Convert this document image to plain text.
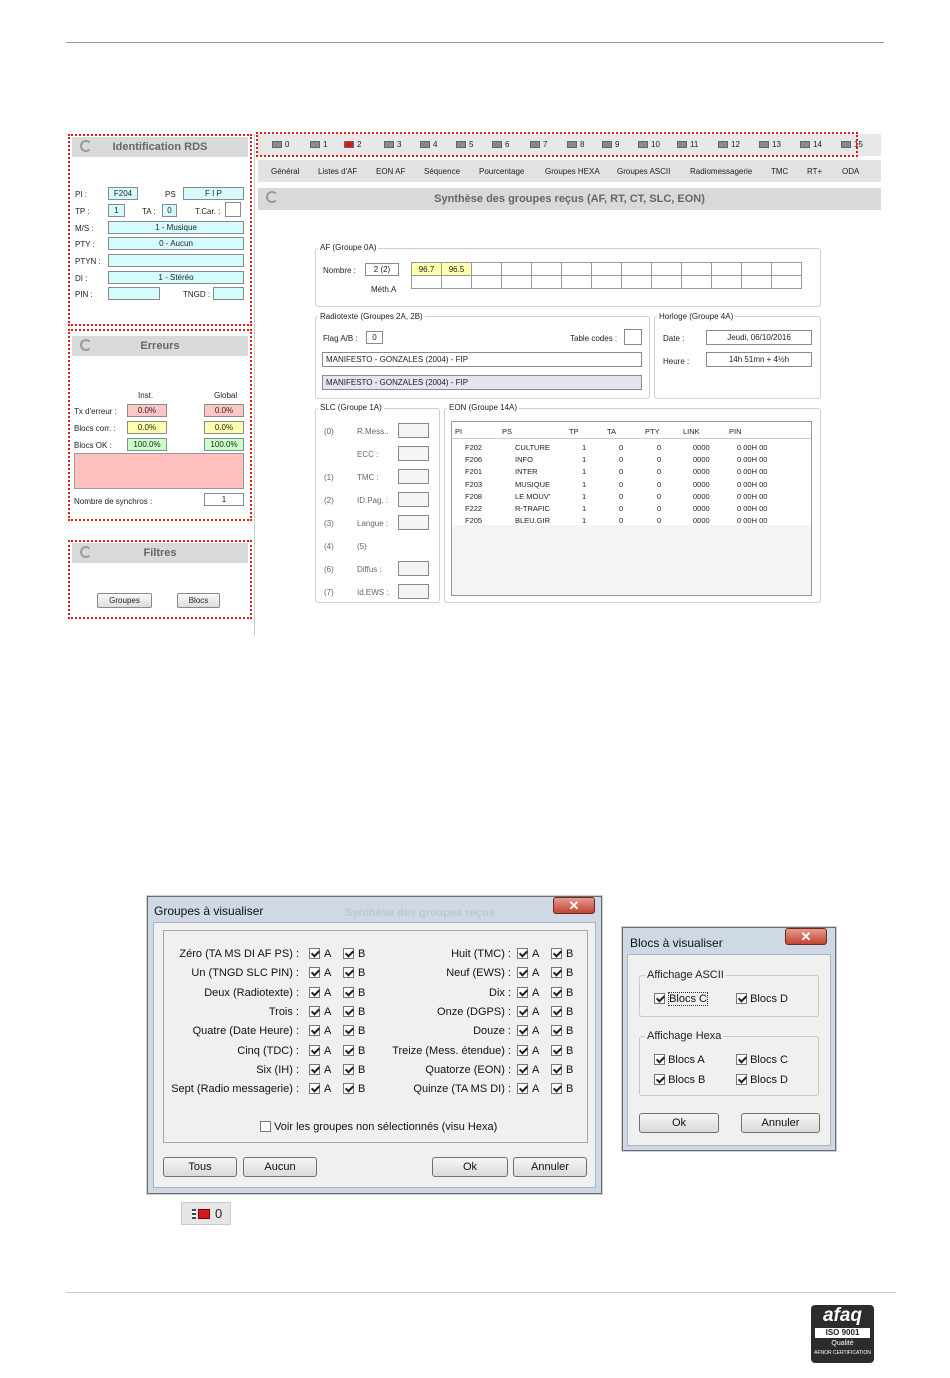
Identification RDS
PI :	F204	PS	F I P
TP :	1	TA :	0	T.Car. :
M/S :	1 - Musique
PTY :	0 - Aucun
PTYN :
DI :	1 - Stéréo
PIN :	TNGD :
Erreurs
Inst.	Global
Tx d'erreur :	0.0%	0.0%
Blocs corr. :	0.0%	0.0%
Blocs OK :	100.0%	100.0%
Nombre de synchros :	1
Filtres
Groupes	Blocs
0	1	2	3	4	5	6	7	8	9	10	11	12	13	14	15
Général Listes d'AF EON AF Séquence Pourcentage	Groupes HEXA Groupes ASCII Radiomessagerie TMC RT+ ODA
Synthèse des groupes reçus (AF, RT, CT, SLC, EON)
AF (Groupe 0A)
Nombre :	2 (2)
Méth.A
96.7	96.5											

Radiotexte (Groupes 2A, 2B)
Flag A/B :	0	Table codes :
MANIFESTO - GONZALES (2004) - FIP
MANIFESTO - GONZALES (2004) - FIP
Horloge (Groupe 4A)
Date :	Jeudi, 06/10/2016
Heure :	14h 51mn + 4½h
SLC (Groupe 1A)
(0)	R.Mess..
ECC :
(1)	TMC :
(2)	ID.Pag. :
(3)	Langue :
(4)	(5)
(6)	Diffus :
(7)	Id.EWS :
EON (Groupe 14A)
PI	PS	TP	TA	PTY	LINK	PIN
F202	CULTURE	1	0	0	0000	0 00H 00
F206	INFO	1	0	0	0000	0 00H 00
F201	INTER	1	0	0	0000	0 00H 00
F203	MUSIQUE	1	0	0	0000	0 00H 00
F208	LE MOUV'	1	0	0	0000	0 00H 00
F222	R-TRAFIC	1	0	0	0000	0 00H 00
F205	BLEU.GIR	1	0	0	0000	0 00H 00
Groupes à visualiser	Synthèse des groupes reçus	✕
Zéro (TA MS DI AF PS) :	A	B
Un (TNGD SLC PIN) :	A	B
Deux (Radiotexte) :	A	B
Trois :	A	B
Quatre (Date Heure) :	A	B
Cinq (TDC) :	A	B
Six (IH) :	A	B
Sept (Radio messagerie) :	A	B
Huit (TMC) :	A	B
Neuf (EWS) :	A	B
Dix :	A	B
Onze (DGPS) :	A	B
Douze :	A	B
Treize (Mess. étendue) :	A	B
Quatorze (EON) :	A	B
Quinze (TA MS DI) :	A	B
Voir les groupes non sélectionnés (visu Hexa)
Tous	Aucun	Ok	Annuler
Blocs à visualiser	✕
Affichage ASCII
Blocs C	Blocs D
Affichage Hexa
Blocs A	Blocs C
Blocs B	Blocs D
Ok	Annuler
0
afaq
ISO 9001
Qualité
AFNOR CERTIFICATION
